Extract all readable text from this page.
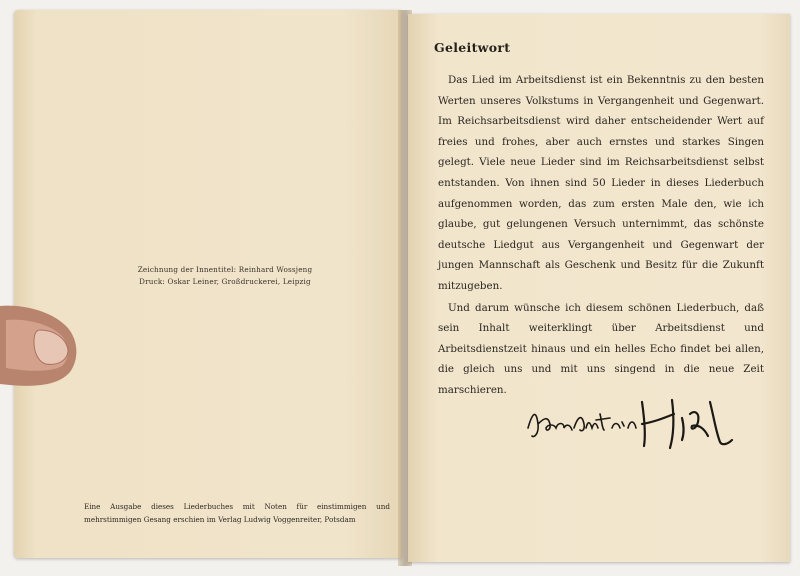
Zeichnung der Innentitel: Reinhard Wossjeng
Druck: Oskar Leiner, Großdruckerei, Leipzig
Eine Ausgabe dieses Liederbuches mit Noten für einstimmigen und mehrstimmigen Gesang erschien im Verlag Ludwig Voggenreiter, Potsdam
Geleitwort

Das Lied im Arbeitsdienst ist ein Bekenntnis zu den besten Werten unseres Volkstums in Vergangenheit und Gegenwart. Im Reichsarbeitsdienst wird daher entscheidender Wert auf freies und frohes, aber auch ernstes und starkes Singen gelegt. Viele neue Lieder sind im Reichsarbeitsdienst selbst entstanden. Von ihnen sind 50 Lieder in dieses Liederbuch aufgenommen worden, das zum ersten Male den, wie ich glaube, gut gelungenen Versuch unternimmt, das schönste deutsche Liedgut aus Vergangenheit und Gegenwart der jungen Mannschaft als Geschenk und Besitz für die Zukunft mitzugeben.

Und darum wünsche ich diesem schönen Liederbuch, daß sein Inhalt weiterklingt über Arbeitsdienst und Arbeitsdienstzeit hinaus und ein helles Echo findet bei allen, die gleich uns und mit uns singend in die neue Zeit marschieren.
